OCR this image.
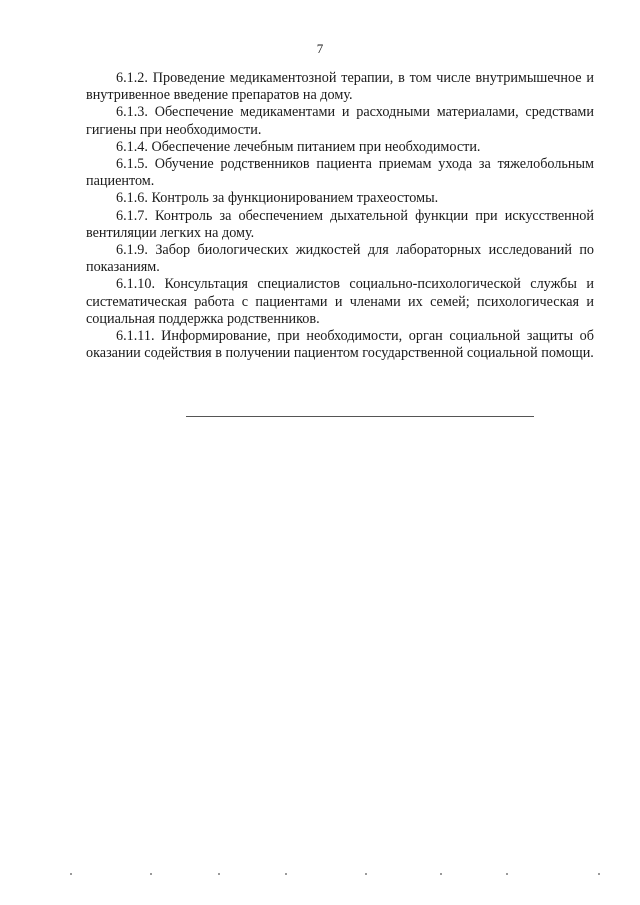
7

6.1.2. Проведение медикаментозной терапии, в том числе внутримышечное и внутривенное введение препаратов на дому.

6.1.3. Обеспечение медикаментами и расходными материалами, средствами гигиены при необходимости.

6.1.4. Обеспечение лечебным питанием при необходимости.

6.1.5. Обучение родственников пациента приемам ухода за тяжелобольным пациентом.

6.1.6. Контроль за функционированием трахеостомы.

6.1.7. Контроль за обеспечением дыхательной функции при искусственной вентиляции легких на дому.

6.1.9. Забор биологических жидкостей для лабораторных исследований по показаниям.

6.1.10. Консультация специалистов социально-психологической службы и систематическая работа с пациентами и членами их семей; психологическая и социальная поддержка родственников.

6.1.11. Информирование, при необходимости, орган социальной защиты об оказании содействия в получении пациентом государственной социальной помощи.
